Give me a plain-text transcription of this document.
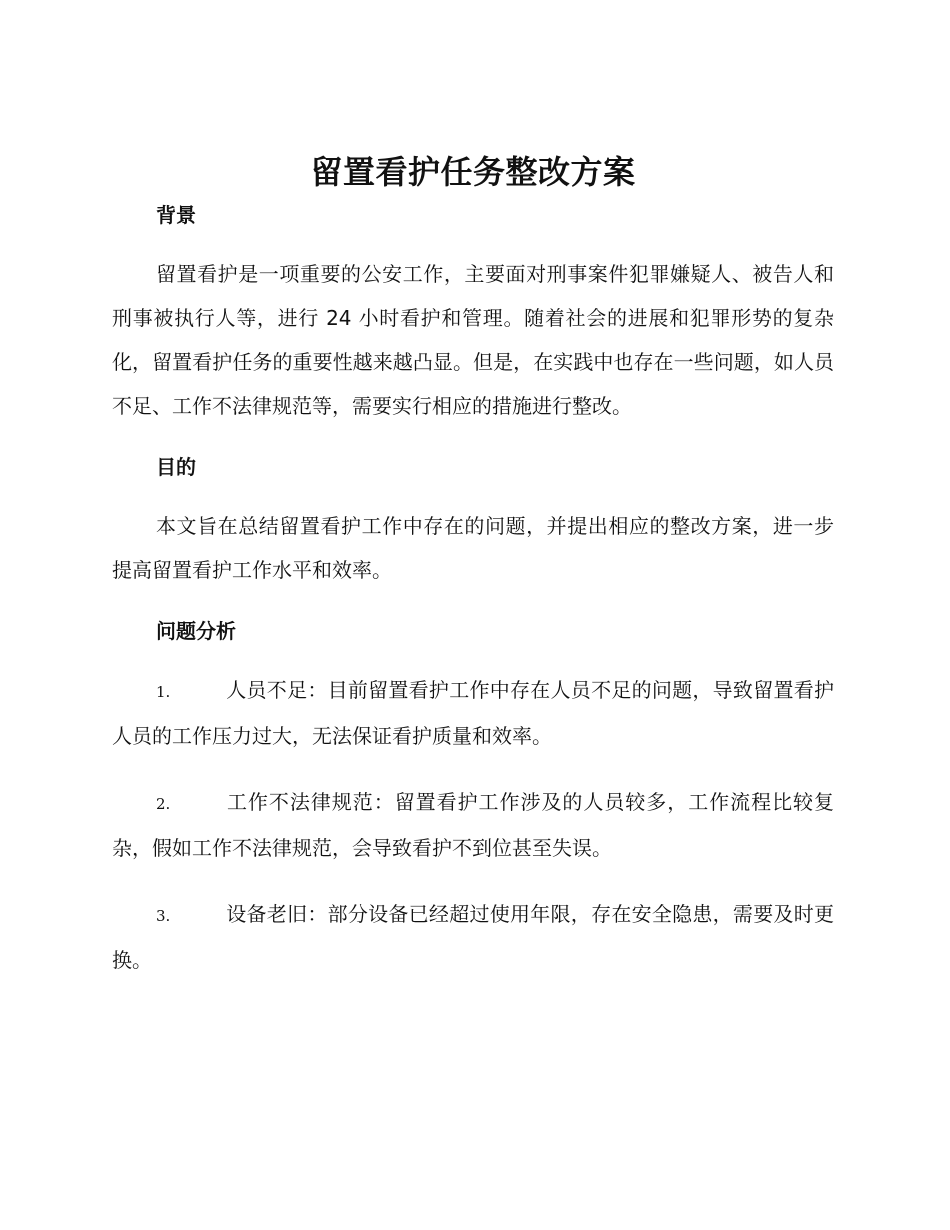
留置看护任务整改方案
背景

留置看护是一项重要的公安工作，主要面对刑事案件犯罪嫌疑人、被告人和刑事被执行人等，进行 24 小时看护和管理。随着社会的进展和犯罪形势的复杂化，留置看护任务的重要性越来越凸显。但是，在实践中也存在一些问题，如人员不足、工作不法律规范等，需要实行相应的措施进行整改。

目的

本文旨在总结留置看护工作中存在的问题，并提出相应的整改方案，进一步提高留置看护工作水平和效率。

问题分析

1.	人员不足：目前留置看护工作中存在人员不足的问题，导致留置看护人员的工作压力过大，无法保证看护质量和效率。

2.	工作不法律规范：留置看护工作涉及的人员较多，工作流程比较复杂，假如工作不法律规范，会导致看护不到位甚至失误。

3.	设备老旧：部分设备已经超过使用年限，存在安全隐患，需要及时更换。
